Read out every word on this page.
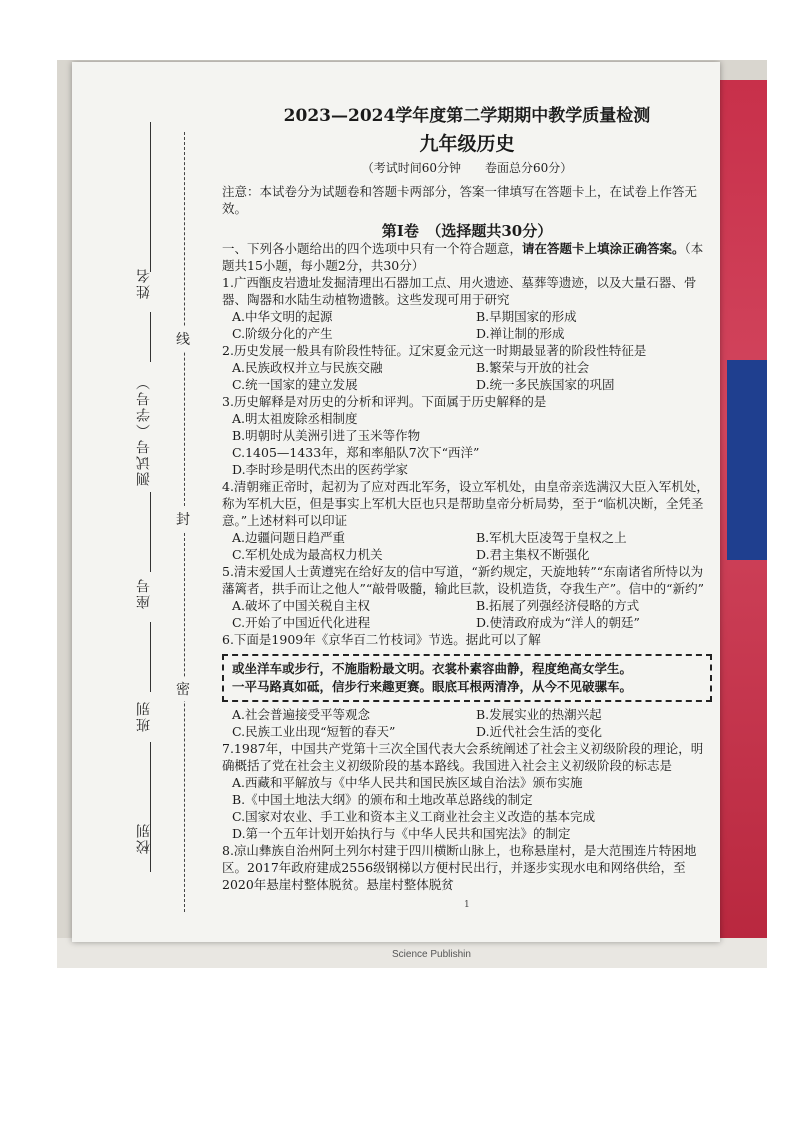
Science Publishin
姓名
测试号（学号）
座号
班别
校别
线
封
密

2023—2024学年度第二学期期中教学质量检测

九年级历史

（考试时间60分钟　　卷面总分60分）

注意：本试卷分为试题卷和答题卡两部分，答案一律填写在答题卡上，在试卷上作答无效。

第Ⅰ卷　（选择题共30分）

一、下列各小题给出的四个选项中只有一个符合题意，请在答题卡上填涂正确答案。（本题共15小题，每小题2分，共30分）

1.广西甑皮岩遗址发掘清理出石器加工点、用火遗迹、墓葬等遗迹，以及大量石器、骨器、陶器和水陆生动植物遗骸。这些发现可用于研究
A.中华文明的起源	B.早期国家的形成
C.阶级分化的产生	D.禅让制的形成
2.历史发展一般具有阶段性特征。辽宋夏金元这一时期最显著的阶段性特征是
A.民族政权并立与民族交融	B.繁荣与开放的社会
C.统一国家的建立发展	D.统一多民族国家的巩固
3.历史解释是对历史的分析和评判。下面属于历史解释的是
A.明太祖废除丞相制度
B.明朝时从美洲引进了玉米等作物
C.1405—1433年，郑和率船队7次下“西洋”
D.李时珍是明代杰出的医药学家
4.清朝雍正帝时，起初为了应对西北军务，设立军机处，由皇帝亲选满汉大臣入军机处，称为军机大臣，但是事实上军机大臣也只是帮助皇帝分析局势，至于“临机决断，全凭圣意。”上述材料可以印证
A.边疆问题日趋严重	B.军机大臣凌驾于皇权之上
C.军机处成为最高权力机关	D.君主集权不断强化
5.清末爱国人士黄遵宪在给好友的信中写道，“新约规定，天旋地转”“东南诸省所恃以为藩篱者，拱手而让之他人”“敲骨吸髓，输此巨款，设机造货，夺我生产”。信中的“新约”
A.破坏了中国关税自主权	B.拓展了列强经济侵略的方式
C.开始了中国近代化进程	D.使清政府成为“洋人的朝廷”
6.下面是1909年《京华百二竹枝词》节选。据此可以了解
或坐洋车或步行，不施脂粉最文明。衣裳朴素容曲静，程度绝高女学生。
一平马路真如砥，信步行来趣更赛。眼底耳根两清净，从今不见破骡车。
A.社会普遍接受平等观念	B.发展实业的热潮兴起
C.民族工业出现“短暂的春天”	D.近代社会生活的变化
7.1987年，中国共产党第十三次全国代表大会系统阐述了社会主义初级阶段的理论，明确概括了党在社会主义初级阶段的基本路线。我国进入社会主义初级阶段的标志是
A.西藏和平解放与《中华人民共和国民族区域自治法》颁布实施
B.《中国土地法大纲》的颁布和土地改革总路线的制定
C.国家对农业、手工业和资本主义工商业社会主义改造的基本完成
D.第一个五年计划开始执行与《中华人民共和国宪法》的制定
8.凉山彝族自治州阿土列尔村建于四川横断山脉上，也称悬崖村，是大范围连片特困地区。2017年政府建成2556级钢梯以方便村民出行，并逐步实现水电和网络供给，至2020年悬崖村整体脱贫。悬崖村整体脱贫
1
